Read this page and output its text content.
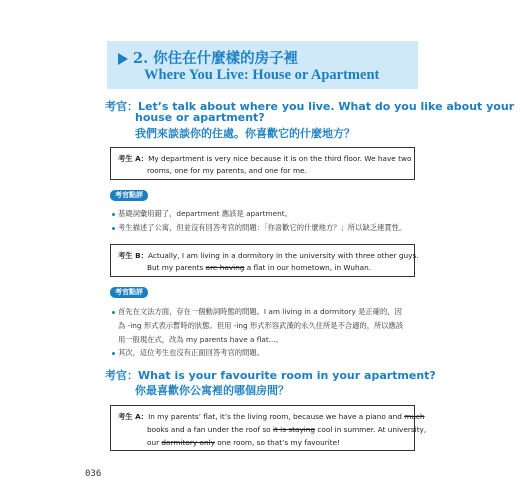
2. 你住在什麼樣的房子裡
Where You Live: House or Apartment
考官：Let’s talk about where you live. What do you like about your
house or apartment?
我們來談談你的住處。你喜歡它的什麼地方？
考生 A：My department is very nice because it is on the third floor. We have two
rooms, one for my parents, and one for me.
考官點評
基礎詞彙用錯了，department 應該是 apartment。
考生描述了公寓，但並沒有回答考官的問題：「你喜歡它的什麼地方？」所以缺乏連貫性。
考生 B：Actually, I am living in a dormitory in the university with three other guys.
But my parents are having a flat in our hometown, in Wuhan.
考官點評
首先在文法方面，存在一個動詞時態的問題。I am living in a dormitory 是正確的，因
為 -ing 形式表示暫時的狀態。但用 -ing 形式形容武漢的永久住所是不合適的，所以應該
用一般現在式，改為 my parents have a flat...。
其次，這位考生也沒有正面回答考官的問題。
考官：What is your favourite room in your apartment?
你最喜歡你公寓裡的哪個房間？
考生 A：In my parents’ flat, it’s the living room, because we have a piano and much
books and a fan under the roof so it is staying cool in summer. At university,
our dormitory only one room, so that’s my favourite!
036
